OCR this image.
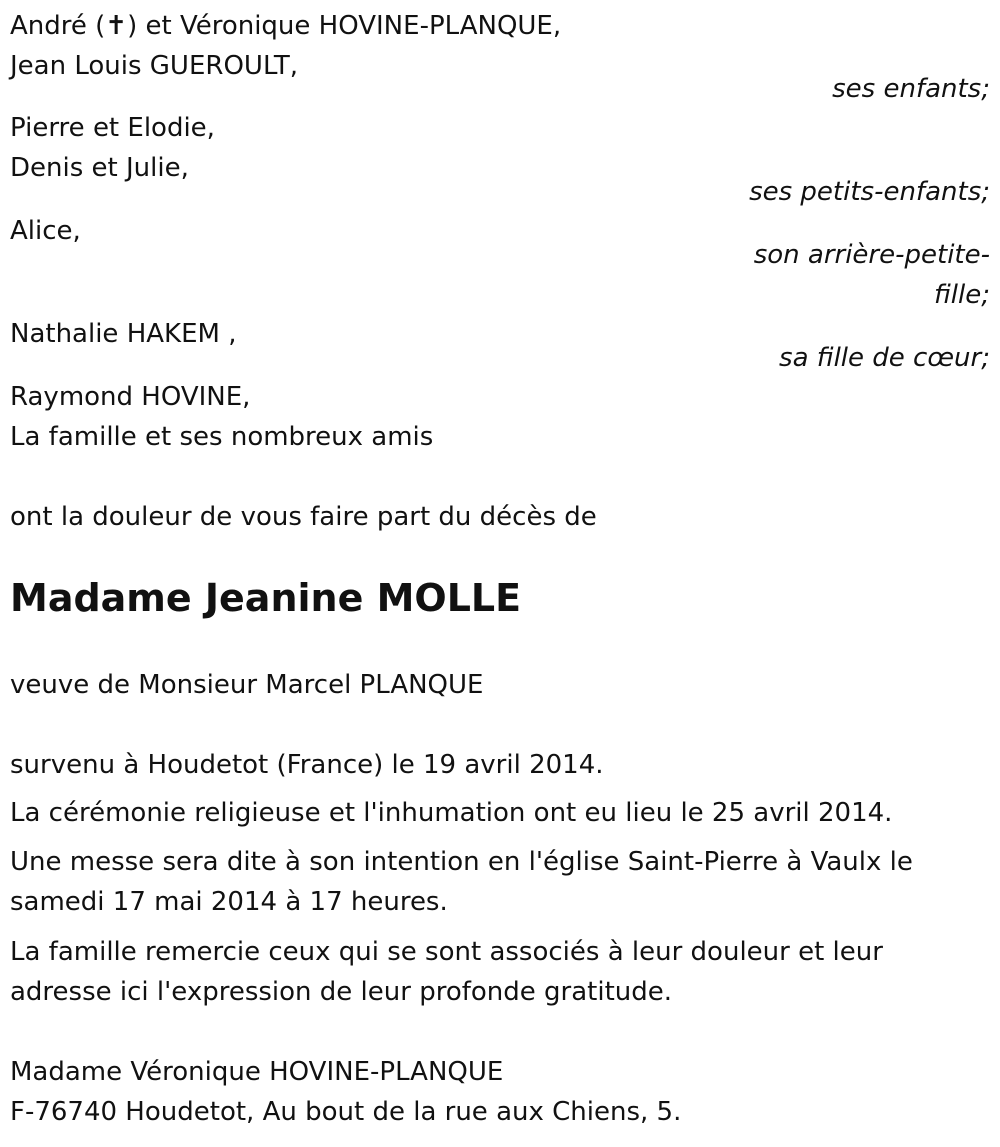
André (✝) et Véronique HOVINE-PLANQUE,
Jean Louis GUEROULT,
ses enfants;
Pierre et Elodie,
Denis et Julie,
ses petits-enfants;
Alice,
son arrière-petite-
fille;
Nathalie HAKEM ,
sa fille de cœur;
Raymond HOVINE,
La famille et ses nombreux amis
ont la douleur de vous faire part du décès de
Madame Jeanine MOLLE
veuve de Monsieur Marcel PLANQUE
survenu à Houdetot (France) le 19 avril 2014.
La cérémonie religieuse et l'inhumation ont eu lieu le 25 avril 2014.
Une messe sera dite à son intention en l'église Saint-Pierre à Vaulx le
samedi 17 mai 2014 à 17 heures.
La famille remercie ceux qui se sont associés à leur douleur et leur
adresse ici l'expression de leur profonde gratitude.
Madame Véronique HOVINE-PLANQUE
F-76740 Houdetot, Au bout de la rue aux Chiens, 5.
